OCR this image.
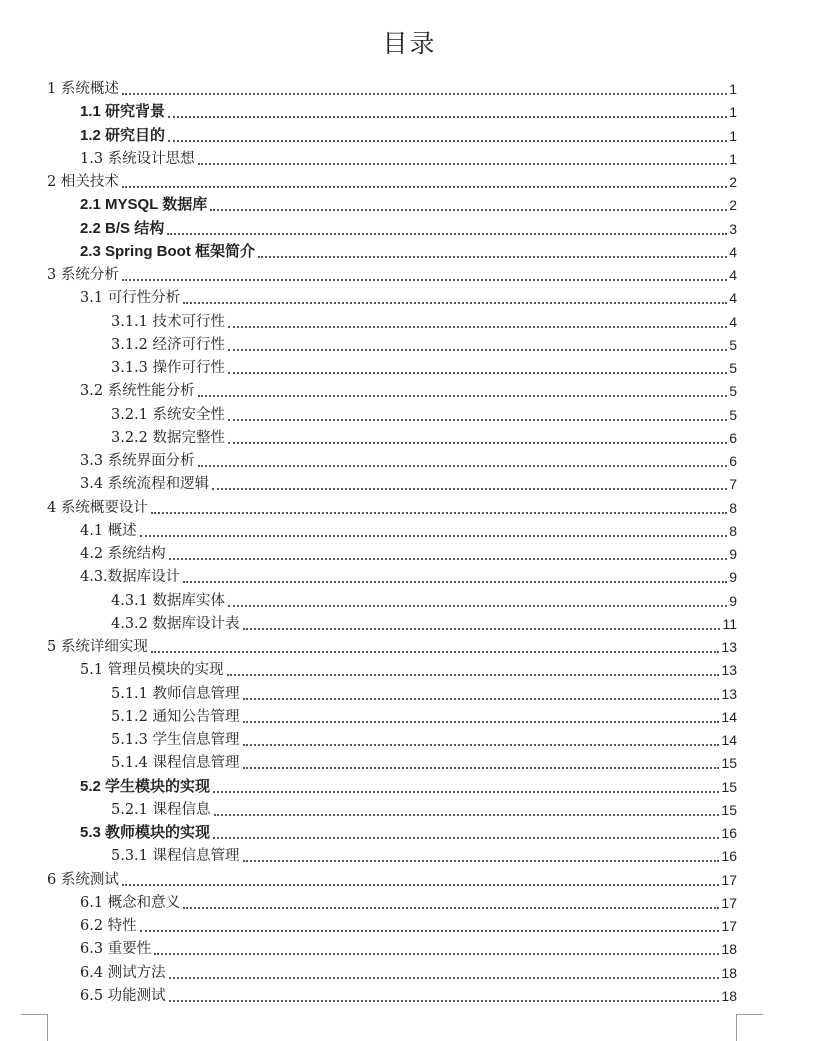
目录
1 系统概述	1
1.1 研究背景	1
1.2 研究目的	1
1.3 系统设计思想	1
2 相关技术	2
2.1 MYSQL 数据库	2
2.2 B/S 结构	3
2.3 Spring Boot 框架简介	4
3 系统分析	4
3.1 可行性分析	4
3.1.1 技术可行性	4
3.1.2 经济可行性	5
3.1.3 操作可行性	5
3.2 系统性能分析	5
3.2.1 系统安全性	5
3.2.2 数据完整性	6
3.3 系统界面分析	6
3.4 系统流程和逻辑	7
4 系统概要设计	8
4.1 概述	8
4.2 系统结构	9
4.3.数据库设计	9
4.3.1 数据库实体	9
4.3.2 数据库设计表	11
5 系统详细实现	13
5.1 管理员模块的实现	13
5.1.1 教师信息管理	13
5.1.2 通知公告管理	14
5.1.3 学生信息管理	14
5.1.4 课程信息管理	15
5.2 学生模块的实现	15
5.2.1 课程信息	15
5.3 教师模块的实现	16
5.3.1 课程信息管理	16
6 系统测试	17
6.1 概念和意义	17
6.2 特性	17
6.3 重要性	18
6.4 测试方法	18
6.5 功能测试	18
